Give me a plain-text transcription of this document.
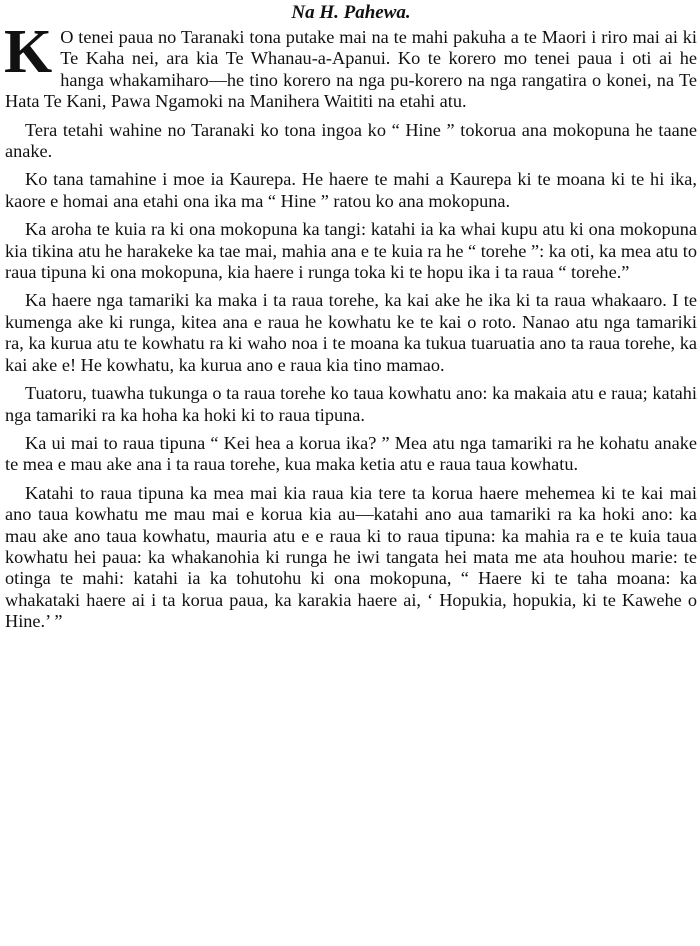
Na H. Pahewa.
K O tenei paua no Taranaki tona putake mai na te mahi pakuha a te Maori i riro mai ai ki Te Kaha nei, ara kia Te Whanau-a-Apanui. Ko te korero mo tenei paua i oti ai he hanga whakamiharo—he tino korero na nga pu-korero na nga rangatira o konei, na Te Hata Te Kani, Pawa Ngamoki na Manihera Waititi na etahi atu.
Tera tetahi wahine no Taranaki ko tona ingoa ko “ Hine ” tokorua ana mokopuna he taane anake.
Ko tana tamahine i moe ia Kaurepa. He haere te mahi a Kaurepa ki te moana ki te hi ika, kaore e homai ana etahi ona ika ma “ Hine ” ratou ko ana mokopuna.
Ka aroha te kuia ra ki ona mokopuna ka tangi: katahi ia ka whai kupu atu ki ona mokopuna kia tikina atu he harakeke ka tae mai, mahia ana e te kuia ra he “ torehe ”: ka oti, ka mea atu to raua tipuna ki ona mokopuna, kia haere i runga toka ki te hopu ika i ta raua “ torehe.”
Ka haere nga tamariki ka maka i ta raua torehe, ka kai ake he ika ki ta raua whakaaro. I te kumenga ake ki runga, kitea ana e raua he kowhatu ke te kai o roto. Nanao atu nga tamariki ra, ka kurua atu te kowhatu ra ki waho noa i te moana ka tukua tuaruatia ano ta raua torehe, ka kai ake e! He kowhatu, ka kurua ano e raua kia tino mamao.
Tuatoru, tuawha tukunga o ta raua torehe ko taua kowhatu ano: ka makaia atu e raua; katahi nga tamariki ra ka hoha ka hoki ki to raua tipuna.
Ka ui mai to raua tipuna “ Kei hea a korua ika? ” Mea atu nga tamariki ra he kohatu anake te mea e mau ake ana i ta raua torehe, kua maka ketia atu e raua taua kowhatu.
Katahi to raua tipuna ka mea mai kia raua kia tere ta korua haere mehemea ki te kai mai ano taua kowhatu me mau mai e korua kia au—katahi ano aua tamariki ra ka hoki ano: ka mau ake ano taua kowhatu, mauria atu e e raua ki to raua tipuna: ka mahia ra e te kuia taua kowhatu hei paua: ka whakanohia ki runga he iwi tangata hei mata me ata houhou marie: te otinga te mahi: katahi ia ka tohutohu ki ona mokopuna, “ Haere ki te taha moana: ka whakataki haere ai i ta korua paua, ka karakia haere ai, ‘ Hopukia, hopukia, ki te Kawehe o Hine.’ ”
